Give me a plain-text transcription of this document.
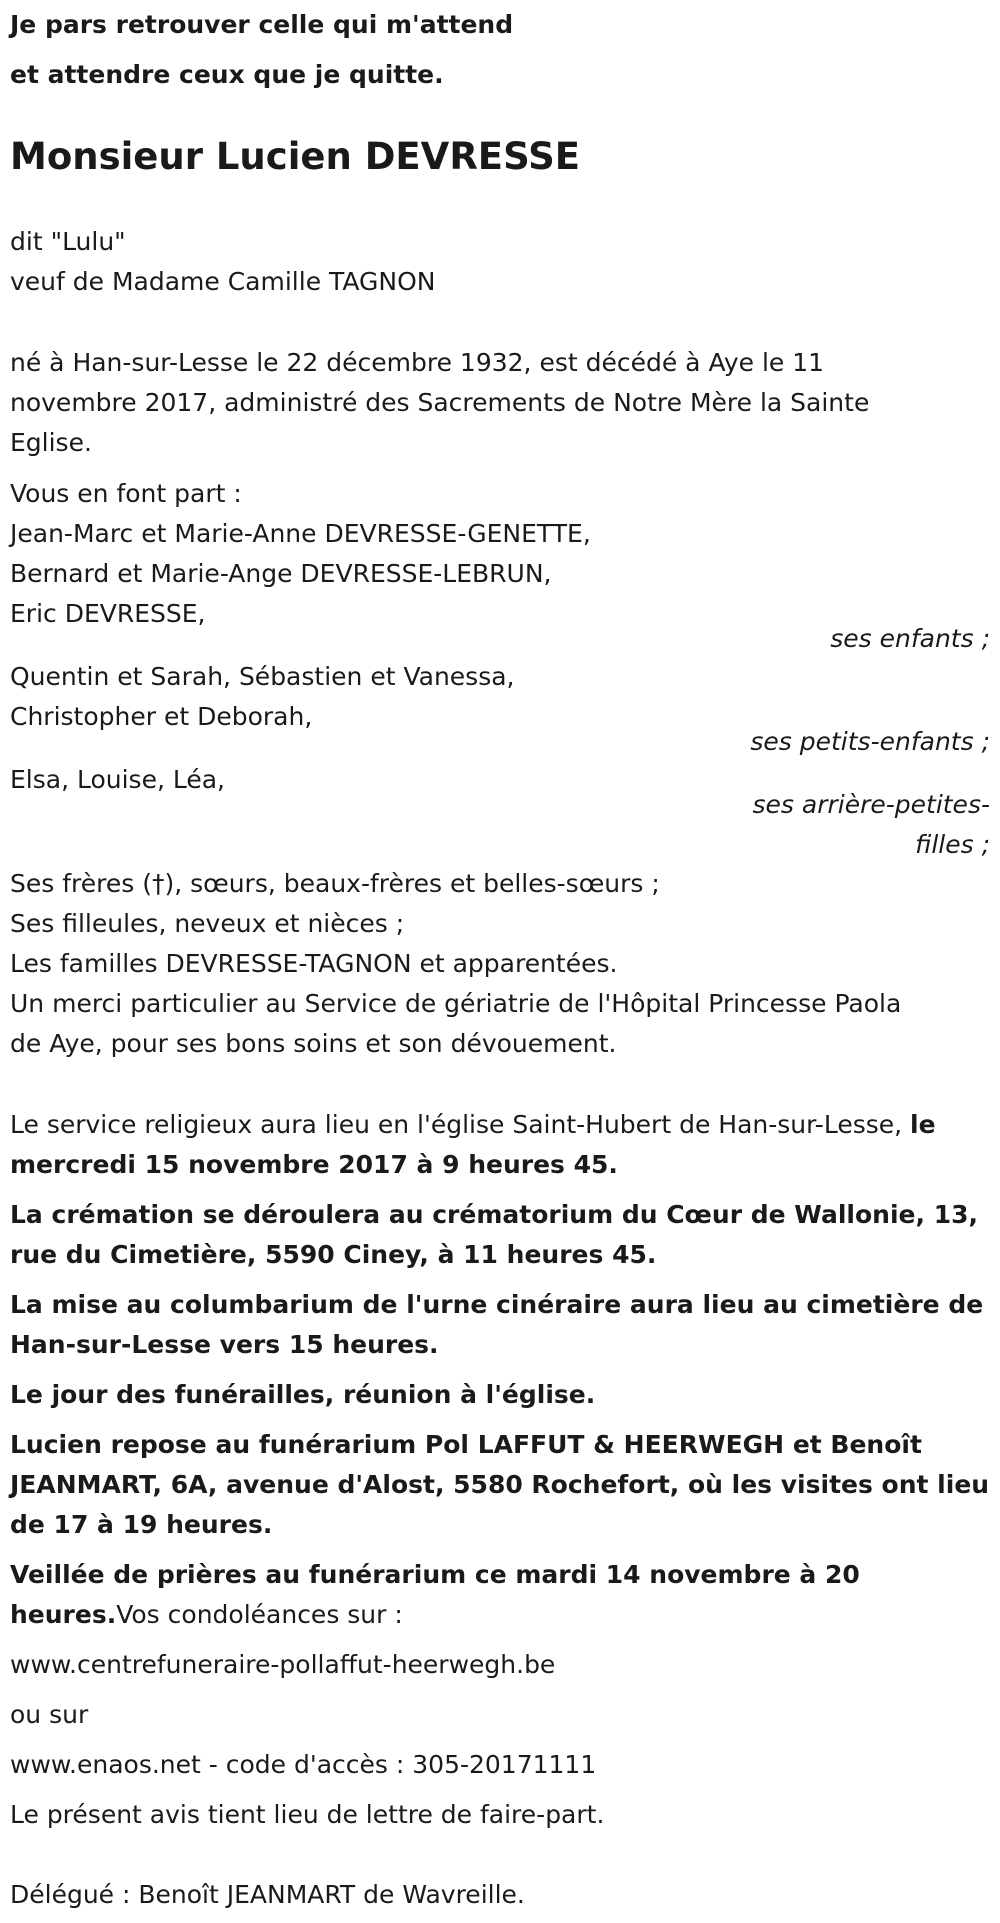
Je pars retrouver celle qui m'attend
et attendre ceux que je quitte.
Monsieur Lucien DEVRESSE
dit "Lulu"
veuf de Madame Camille TAGNON
né à Han-sur-Lesse le 22 décembre 1932, est décédé à Aye le 11
novembre 2017, administré des Sacrements de Notre Mère la Sainte
Eglise.
Vous en font part :
Jean-Marc et Marie-Anne DEVRESSE-GENETTE,
Bernard et Marie-Ange DEVRESSE-LEBRUN,
Eric DEVRESSE,
ses enfants ;
Quentin et Sarah, Sébastien et Vanessa,
Christopher et Deborah,
ses petits-enfants ;
Elsa, Louise, Léa,
ses arrière-petites-
filles ;
Ses frères (†), sœurs, beaux-frères et belles-sœurs ;
Ses filleules, neveux et nièces ;
Les familles DEVRESSE-TAGNON et apparentées.
Un merci particulier au Service de gériatrie de l'Hôpital Princesse Paola
de Aye, pour ses bons soins et son dévouement.
Le service religieux aura lieu en l'église Saint-Hubert de Han-sur-Lesse, le
mercredi 15 novembre 2017 à 9 heures 45.
La crémation se déroulera au crématorium du Cœur de Wallonie, 13,
rue du Cimetière, 5590 Ciney, à 11 heures 45.
La mise au columbarium de l'urne cinéraire aura lieu au cimetière de
Han-sur-Lesse vers 15 heures.
Le jour des funérailles, réunion à l'église.
Lucien repose au funérarium Pol LAFFUT & HEERWEGH et Benoît
JEANMART, 6A, avenue d'Alost, 5580 Rochefort, où les visites ont lieu
de 17 à 19 heures.
Veillée de prières au funérarium ce mardi 14 novembre à 20
heures.Vos condoléances sur :
www.centrefuneraire-pollaffut-heerwegh.be
ou sur
www.enaos.net - code d'accès : 305-20171111
Le présent avis tient lieu de lettre de faire-part.
Délégué : Benoît JEANMART de Wavreille.
